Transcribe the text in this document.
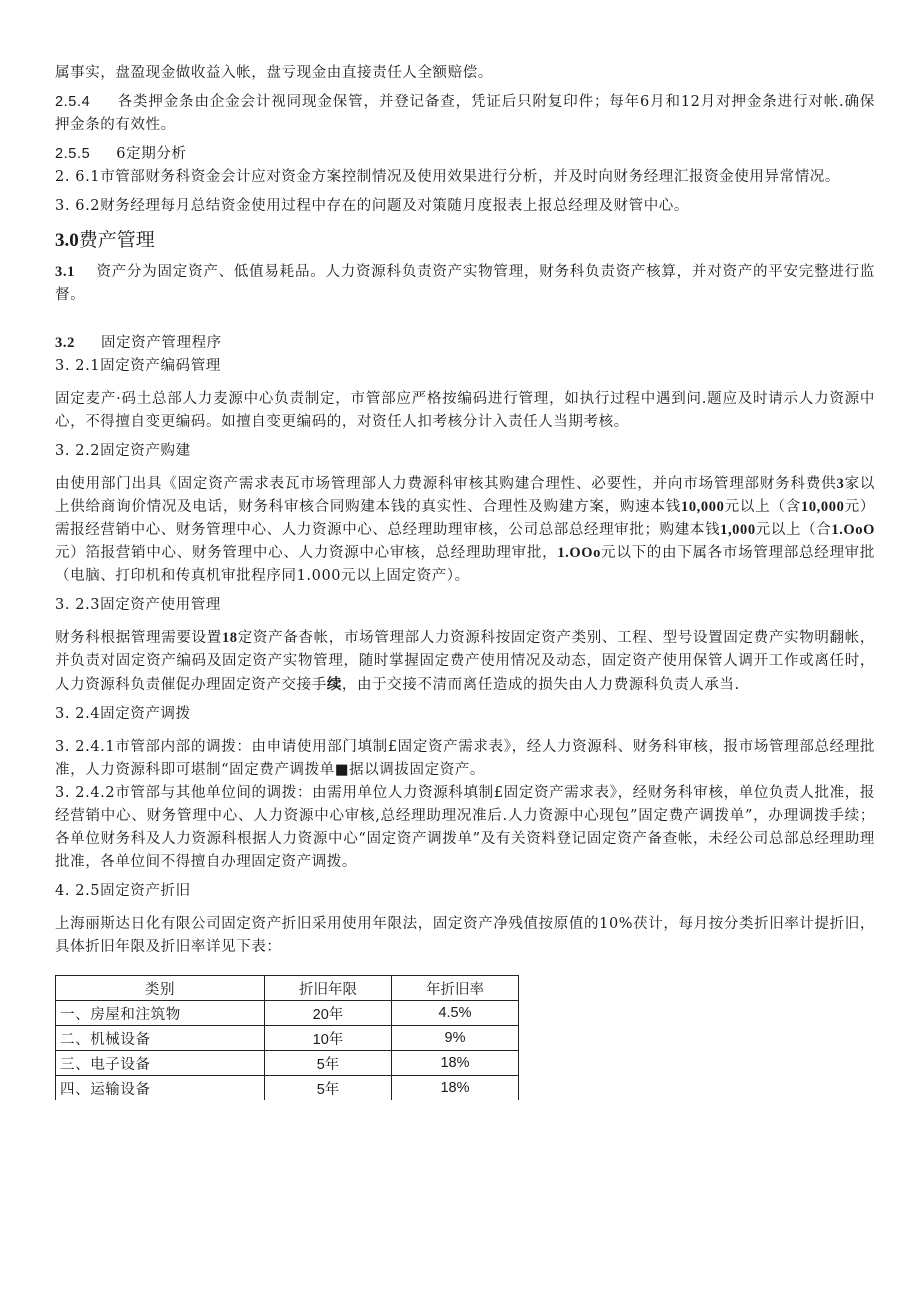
属事实，盘盈现金做收益入帐，盘亏现金由直接责任人全额赔偿。

2.5.4 各类押金条由企金会计视同现金保管，并登记备查，凭证后只附复印件；每年6月和12月对押金条进行对帐.确保押金条的有效性。

2.5.5 6定期分析

2. 6.1市管部财务科资金会计应对资金方案控制情况及使用效果进行分析，并及时向财务经理汇报资金使用异常情况。

3. 6.2财务经理每月总结资金使用过程中存在的问题及对策随月度报表上报总经理及财管中心。

3.0费产管理

3.1 资产分为固定资产、低值易耗品。人力资源科负责资产实物管理，财务科负责资产核算，并对资产的平安完整进行监督。

3.2 固定资产管理程序

3. 2.1固定资产编码管理

固定麦产·码土总部人力麦源中心负责制定，市管部应严格按编码进行管理，如执行过程中遇到问.题应及时请示人力资源中心，不得擅自变更编码。如擅自变更编码的，对资任人扣考核分计入责任人当期考核。

3. 2.2固定资产购建

由使用部门出具《固定资产需求表瓦市场管理部人力费源科审核其购建合理性、必要性，并向市场管理部财务科费供3家以上供给商询价情况及电话，财务科审核合同购建本钱的真实性、合理性及购建方案，购速本钱10,000元以上（含10,000元）需报经营销中心、财务管理中心、人力资源中心、总经理助理审核，公司总部总经理审批；购建本钱1,000元以上（合1.OoO元）箔报营销中心、财务管理中心、人力资源中心审核，总经理助理审批，1.OOo元以下的由下属各市场管理部总经理审批（电脑、打印机和传真机审批程序同1.000元以上固定资产）。

3. 2.3固定资产使用管理

财务科根据管理需要设置18定资产备杳帐，市场管理部人力资源科按固定资产类别、工程、型号设置固定费产实物明翻帐，并负责对固定资产编码及固定资产实物管理，随时掌握固定费产使用情况及动态，固定资产使用保管人调开工作或离任时，人力资源科负责催促办理固定资产交接手续，由于交接不清而离任造成的损失由人力费源科负责人承当.

3. 2.4固定资产调拨

3. 2.4.1市管部内部的调拨：由申请使用部门填制£固定资产需求表》，经人力资源科、财务科审核，报市场管理部总经理批准，人力资源科即可堪制“固定费产调拨单■据以调拔固定资产。

3. 2.4.2市管部与其他单位间的调拨：由需用单位人力资源科填制£固定资产需求表》，经财务科审核，单位负责人批准，报经营销中心、财务管理中心、人力资源中心审核,总经理助理况准后.人力资源中心现包”固定费产调拨单”，办理调拨手续；各单位财务科及人力资源科根据人力资源中心“固定资产调拨单”及有关资料登记固定资产备查帐，未经公司总部总经理助理批准，各单位间不得擅自办理固定资产调拨。

4. 2.5固定资产折旧

上海丽斯达日化有限公司固定资产折旧采用使用年限法，固定资产净残值按原值的10%茯计，每月按分类折旧率计提折旧，具体折旧年限及折旧率详见下表：

类别	折旧年限	年折旧率
一、房屋和注筑物	20年	4.5%
二、机械设备	10年	9%
三、电子设备	5年	18%
四、运输设备	5年	18%
